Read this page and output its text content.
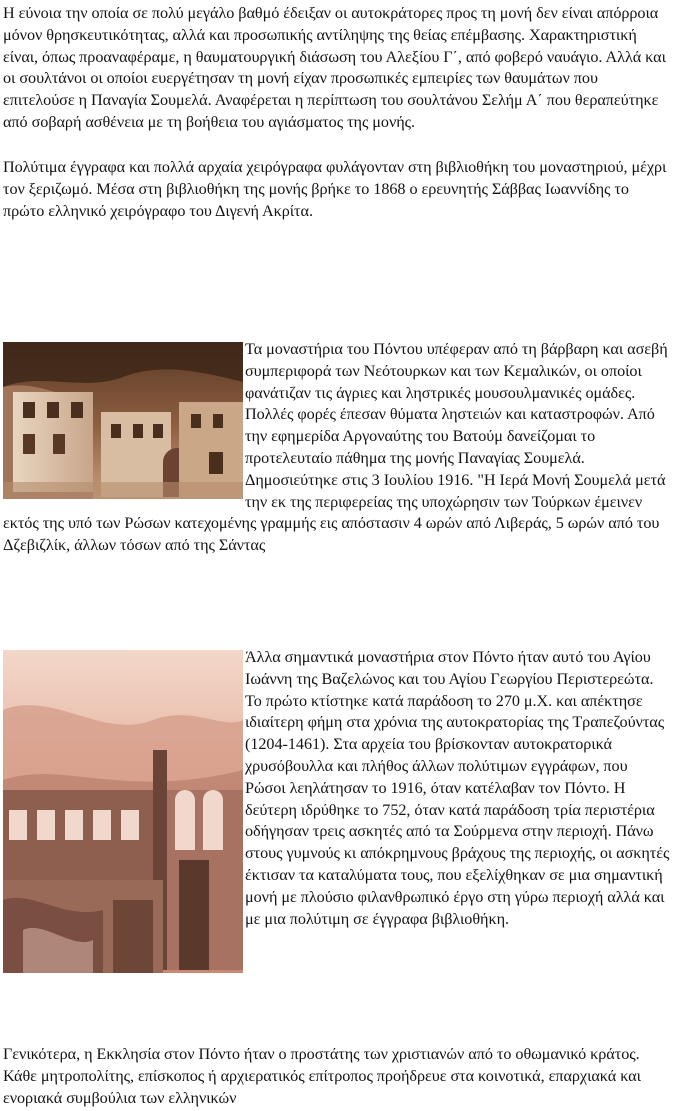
Η εύνοια την οποία σε πολύ μεγάλο βαθμό έδειξαν οι αυτοκράτορες προς τη μονή δεν είναι απόρροια μόνον θρησκευτικότητας, αλλά και προσωπικής αντίληψης της θείας επέμβασης. Χαρακτηριστική είναι, όπως προαναφέραμε, η θαυματουργική διάσωση του Αλεξίου Γ΄, από φοβερό ναυάγιο. Αλλά και οι σουλτάνοι οι οποίοι ευεργέτησαν τη μονή είχαν προσωπικές εμπειρίες των θαυμάτων που επιτελούσε η Παναγία Σουμελά. Αναφέρεται η περίπτωση του σουλτάνου Σελήμ Α΄ που θεραπεύτηκε από σοβαρή ασθένεια με τη βοήθεια του αγιάσματος της μονής.

Πολύτιμα έγγραφα και πολλά αρχαία χειρόγραφα φυλάγονταν στη βιβλιοθήκη του μοναστηριού, μέχρι τον ξεριζωμό. Μέσα στη βιβλιοθήκη της μονής βρήκε το 1868 ο ερευνητής Σάββας Ιωαννίδης το πρώτο ελληνικό χειρόγραφο του Διγενή Ακρίτα.

Τα μοναστήρια του Πόντου υπέφεραν από τη βάρβαρη και ασεβή συμπεριφορά των Νεότουρκων και των Κεμαλικών, οι οποίοι φανάτιζαν τις άγριες και ληστρικές μουσουλμανικές ομάδες. Πολλές φορές έπεσαν θύματα ληστειών και καταστροφών. Από την εφημερίδα Αργοναύτης του Βατούμ δανείζομαι το προτελευταίο πάθημα της μονής Παναγίας Σουμελά. Δημοσιεύτηκε στις 3 Ιουλίου 1916. "Η Ιερά Μονή Σουμελά μετά την εκ της περιφερείας της υποχώρησιν των Τούρκων έμεινεν εκτός της υπό των Ρώσων κατεχομένης γραμμής εις απόστασιν 4 ωρών από Λιβεράς, 5 ωρών από του Δζεβιζλίκ, άλλων τόσων από της Σάντας
Άλλα σημαντικά μοναστήρια στον Πόντο ήταν αυτό του Αγίου Ιωάννη της Βαζελώνος και του Αγίου Γεωργίου Περιστερεώτα. Το πρώτο κτίστηκε κατά παράδοση το 270 μ.Χ. και απέκτησε ιδιαίτερη φήμη στα χρόνια της αυτοκρατορίας της Τραπεζούντας (1204-1461). Στα αρχεία του βρίσκονταν αυτοκρατορικά χρυσόβουλλα και πλήθος άλλων πολύτιμων εγγράφων, που Ρώσοι λεηλάτησαν το 1916, όταν κατέλαβαν τον Πόντο. Η δεύτερη ιδρύθηκε το 752, όταν κατά παράδοση τρία περιστέρια οδήγησαν τρεις ασκητές από τα Σούρμενα στην περιοχή. Πάνω στους γυμνούς κι απόκρημνους βράχους της περιοχής, οι ασκητές έκτισαν τα καταλύματα τους, που εξελίχθηκαν σε μια σημαντική μονή με πλούσιο φιλανθρωπικό έργο στη γύρω περιοχή αλλά και με μια πολύτιμη σε έγγραφα βιβλιοθήκη.

Γενικότερα, η Εκκλησία στον Πόντο ήταν ο προστάτης των χριστιανών από το οθωμανικό κράτος. Κάθε μητροπολίτης, επίσκοπος ή αρχιερατικός επίτροπος προήδρευε στα κοινοτικά, επαρχιακά και ενοριακά συμβούλια των ελληνικών
